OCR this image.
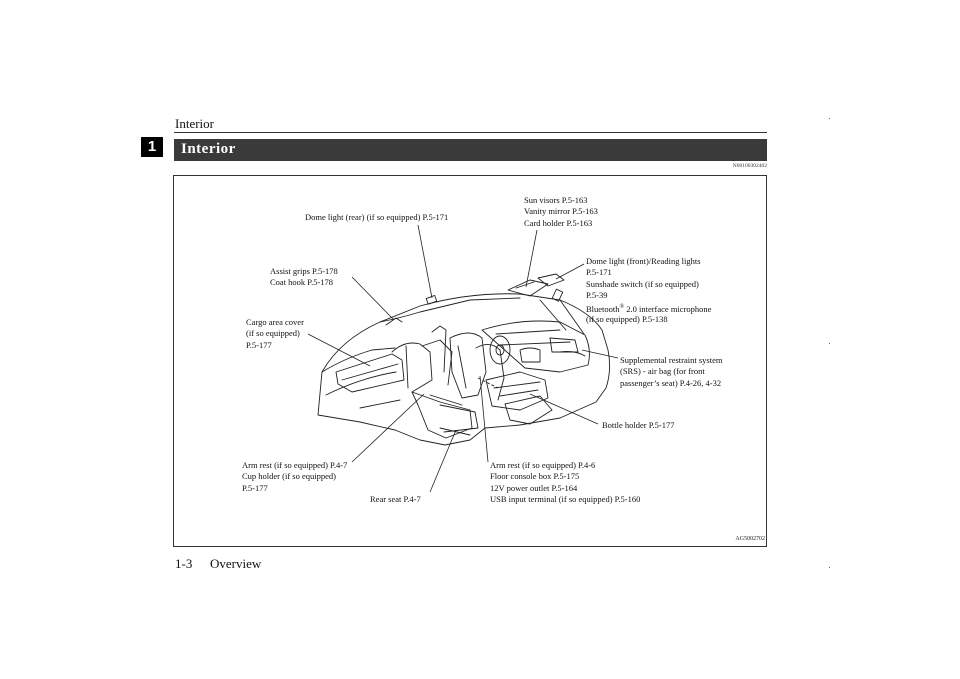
Interior
1	Interior
N00100302402
Sun visors P.5-163
Vanity mirror P.5-163
Card holder P.5-163
Dome light (rear) (if so equipped) P.5-171
Dome light (front)/Reading lights
P.5-171
Sunshade switch (if so equipped)
P.5-39
Bluetooth® 2.0 interface microphone
(if so equipped) P.5-138
Assist grips P.5-178
Coat hook P.5-178
Cargo area cover
(if so equipped)
P.5-177
Supplemental restraint system
(SRS) - air bag (for front
passenger’s seat) P.4-26, 4-32
Bottle holder P.5-177
Arm rest (if so equipped) P.4-7
Cup holder (if so equipped)
P.5-177
Rear seat P.4-7
Arm rest (if so equipped) P.4-6
Floor console box P.5-175
12V power outlet P.5-164
USB input terminal (if so equipped) P.5-160
AG5002702
1-3 Overview
